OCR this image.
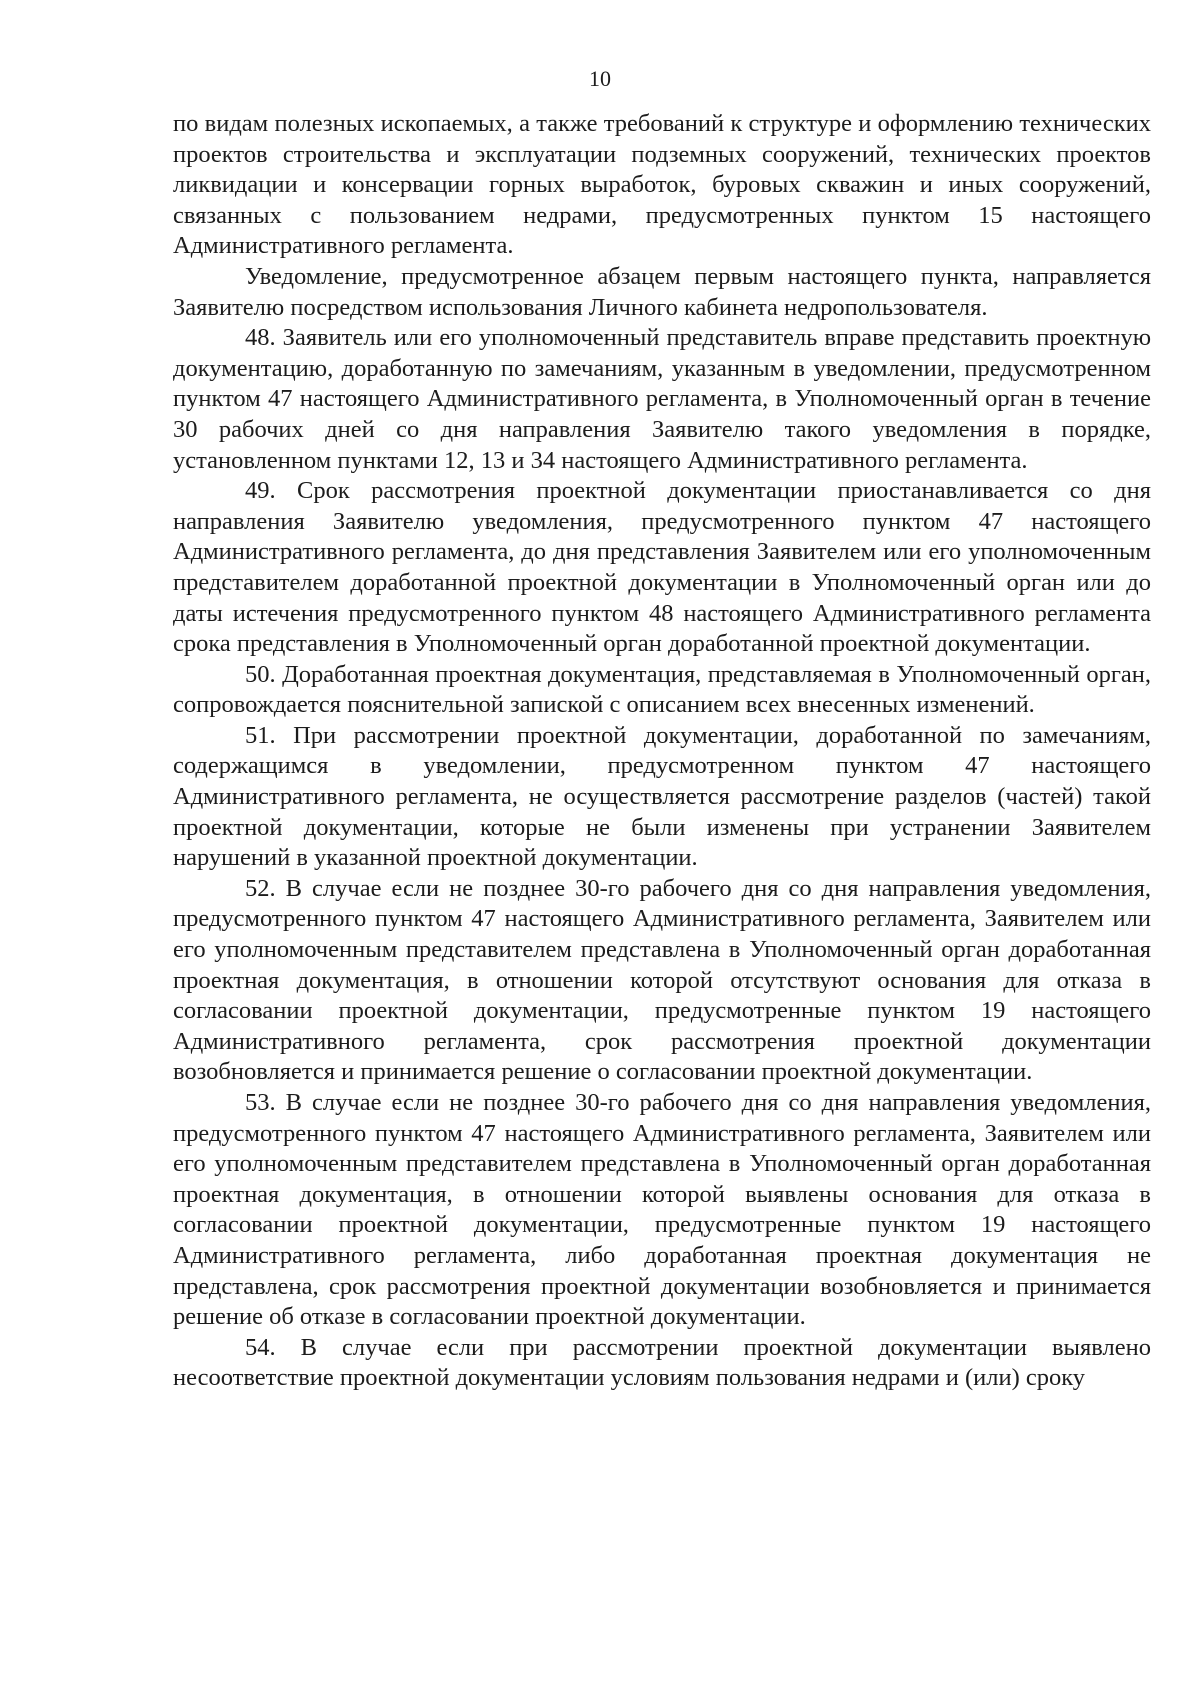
10

по видам полезных ископаемых, а также требований к структуре и оформлению технических проектов строительства и эксплуатации подземных сооружений, технических проектов ликвидации и консервации горных выработок, буровых скважин и иных сооружений, связанных с пользованием недрами, предусмотренных пунктом 15 настоящего Административного регламента.

Уведомление, предусмотренное абзацем первым настоящего пункта, направляется Заявителю посредством использования Личного кабинета недропользователя.

48. Заявитель или его уполномоченный представитель вправе представить проектную документацию, доработанную по замечаниям, указанным в уведомлении, предусмотренном пунктом 47 настоящего Административного регламента, в Уполномоченный орган в течение 30 рабочих дней со дня направления Заявителю такого уведомления в порядке, установленном пунктами 12, 13 и 34 настоящего Административного регламента.

49. Срок рассмотрения проектной документации приостанавливается со дня направления Заявителю уведомления, предусмотренного пунктом 47 настоящего Административного регламента, до дня представления Заявителем или его уполномоченным представителем доработанной проектной документации в Уполномоченный орган или до даты истечения предусмотренного пунктом 48 настоящего Административного регламента срока представления в Уполномоченный орган доработанной проектной документации.

50. Доработанная проектная документация, представляемая в Уполномоченный орган, сопровождается пояснительной запиской с описанием всех внесенных изменений.

51. При рассмотрении проектной документации, доработанной по замечаниям, содержащимся в уведомлении, предусмотренном пунктом 47 настоящего Административного регламента, не осуществляется рассмотрение разделов (частей) такой проектной документации, которые не были изменены при устранении Заявителем нарушений в указанной проектной документации.

52. В случае если не позднее 30-го рабочего дня со дня направления уведомления, предусмотренного пунктом 47 настоящего Административного регламента, Заявителем или его уполномоченным представителем представлена в Уполномоченный орган доработанная проектная документация, в отношении которой отсутствуют основания для отказа в согласовании проектной документации, предусмотренные пунктом 19 настоящего Административного регламента, срок рассмотрения проектной документации возобновляется и принимается решение о согласовании проектной документации.

53. В случае если не позднее 30-го рабочего дня со дня направления уведомления, предусмотренного пунктом 47 настоящего Административного регламента, Заявителем или его уполномоченным представителем представлена в Уполномоченный орган доработанная проектная документация, в отношении которой выявлены основания для отказа в согласовании проектной документации, предусмотренные пунктом 19 настоящего Административного регламента, либо доработанная проектная документация не представлена, срок рассмотрения проектной документации возобновляется и принимается решение об отказе в согласовании проектной документации.

54. В случае если при рассмотрении проектной документации выявлено несоответствие проектной документации условиям пользования недрами и (или) сроку
